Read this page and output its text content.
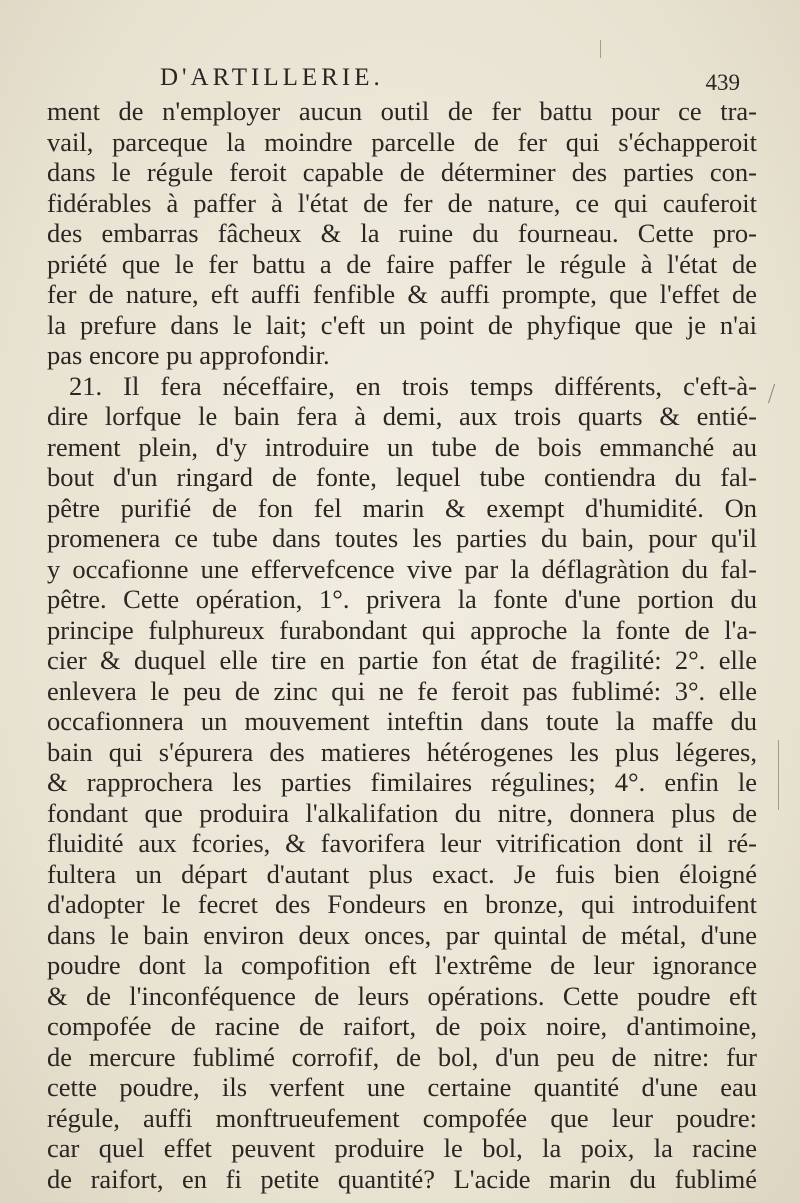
D'ARTILLERIE.	439
ment de n'employer aucun outil de fer battu pour ce tra-
vail, parceque la moindre parcelle de fer qui s'échapperoit
dans le régule feroit capable de déterminer des parties con-
fidérables à paffer à l'état de fer de nature, ce qui cauferoit
des embarras fâcheux & la ruine du fourneau. Cette pro-
priété que le fer battu a de faire paffer le régule à l'état de
fer de nature, eft auffi fenfible & auffi prompte, que l'effet de
la prefure dans le lait; c'eft un point de phyfique que je n'ai
pas encore pu approfondir.
21. Il fera néceffaire, en trois temps différents, c'eft-à-
dire lorfque le bain fera à demi, aux trois quarts & entié-
rement plein, d'y introduire un tube de bois emmanché au
bout d'un ringard de fonte, lequel tube contiendra du fal-
pêtre purifié de fon fel marin & exempt d'humidité. On
promenera ce tube dans toutes les parties du bain, pour qu'il
y occafionne une effervefcence vive par la déflagràtion du fal-
pêtre. Cette opération, 1°. privera la fonte d'une portion du
principe fulphureux furabondant qui approche la fonte de l'a-
cier & duquel elle tire en partie fon état de fragilité: 2°. elle
enlevera le peu de zinc qui ne fe feroit pas fublimé: 3°. elle
occafionnera un mouvement inteftin dans toute la maffe du
bain qui s'épurera des matieres hétérogenes les plus légeres,
& rapprochera les parties fimilaires régulines; 4°. enfin le
fondant que produira l'alkalifation du nitre, donnera plus de
fluidité aux fcories, & favorifera leur vitrification dont il ré-
fultera un départ d'autant plus exact. Je fuis bien éloigné
d'adopter le fecret des Fondeurs en bronze, qui introduifent
dans le bain environ deux onces, par quintal de métal, d'une
poudre dont la compofition eft l'extrême de leur ignorance
& de l'inconféquence de leurs opérations. Cette poudre eft
compofée de racine de raifort, de poix noire, d'antimoine,
de mercure fublimé corrofif, de bol, d'un peu de nitre: fur
cette poudre, ils verfent une certaine quantité d'une eau
régule, auffi monftrueufement compofée que leur poudre:
car quel effet peuvent produire le bol, la poix, la racine
de raifort, en fi petite quantité? L'acide marin du fublimé
